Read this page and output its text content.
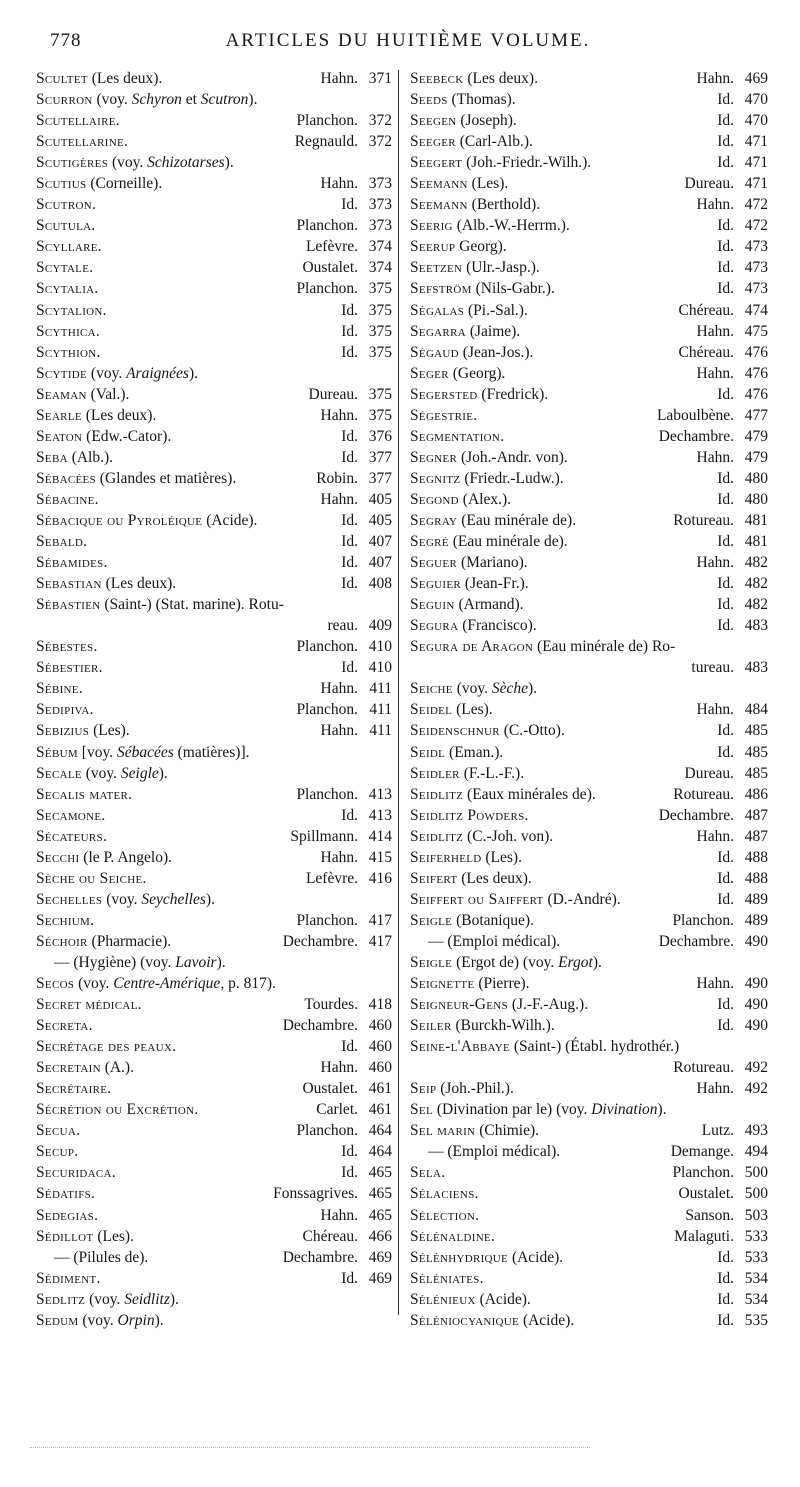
778	ARTICLES DU HUITIÈME VOLUME.
Scultet (Les deux).	Hahn. 371
Scurron (voy. Schyron et Scutron).
Scutellaire.	Planchon. 372
Scutellarine.	Regnauld. 372
Scutigères (voy. Schizotarses).
Scutius (Corneille).	Hahn. 373
Scutron.	Id. 373
Scutula.	Planchon. 373
Scyllare.	Lefèvre. 374
Scytale.	Oustalet. 374
Scytalia.	Planchon. 375
Scytalion.	Id. 375
Scythica.	Id. 375
Scythion.	Id. 375
Scytide (voy. Araignées).
Seaman (Val.).	Dureau. 375
Searle (Les deux).	Hahn. 375
Seaton (Edw.-Cator).	Id. 376
Seba (Alb.).	Id. 377
Sébacées (Glandes et matières).	Robin. 377
Sébacine.	Hahn. 405
Sébacique ou Pyroléique (Acide).	Id. 405
Sebald.	Id. 407
Sébamides.	Id. 407
Sebastian (Les deux).	Id. 408
Sébastien (Saint-) (Stat. marine). Rotu-
reau. 409
Sébestes.	Planchon. 410
Sébestier.	Id. 410
Sébine.	Hahn. 411
Sedipiva.	Planchon. 411
Sebizius (Les).	Hahn. 411
Sébum [voy. Sébacées (matières)].
Secale (voy. Seigle).
Secalis mater.	Planchon. 413
Secamone.	Id. 413
Sécateurs.	Spillmann. 414
Secchi (le P. Angelo).	Hahn. 415
Sèche ou Seiche.	Lefèvre. 416
Sechelles (voy. Seychelles).
Sechium.	Planchon. 417
Séchoir (Pharmacie).	Dechambre. 417
— (Hygiène) (voy. Lavoir).
Secos (voy. Centre-Amérique, p. 817).
Secret médical.	Tourdes. 418
Secreta.	Dechambre. 460
Secrétage des peaux.	Id. 460
Secretain (A.).	Hahn. 460
Secrétaire.	Oustalet. 461
Sécrétion ou Excrétion.	Carlet. 461
Secua.	Planchon. 464
Secup.	Id. 464
Securidaca.	Id. 465
Sédatifs.	Fonssagrives. 465
Sedegias.	Hahn. 465
Sédillot (Les).	Chéreau. 466
— (Pilules de).	Dechambre. 469
Sédiment.	Id. 469
Sedlitz (voy. Seidlitz).
Sedum (voy. Orpin).
Seebeck (Les deux).	Hahn. 469
Seeds (Thomas).	Id. 470
Seegen (Joseph).	Id. 470
Seeger (Carl-Alb.).	Id. 471
Seegert (Joh.-Friedr.-Wilh.).	Id. 471
Seemann (Les).	Dureau. 471
Seemann (Berthold).	Hahn. 472
Seerig (Alb.-W.-Herrm.).	Id. 472
Seerup Georg).	Id. 473
Seetzen (Ulr.-Jasp.).	Id. 473
Sefström (Nils-Gabr.).	Id. 473
Ségalas (Pi.-Sal.).	Chéreau. 474
Segarra (Jaime).	Hahn. 475
Ségaud (Jean-Jos.).	Chéreau. 476
Seger (Georg).	Hahn. 476
Segersted (Fredrick).	Id. 476
Ségestrie.	Laboulbène. 477
Segmentation.	Dechambre. 479
Segner (Joh.-Andr. von).	Hahn. 479
Segnitz (Friedr.-Ludw.).	Id. 480
Segond (Alex.).	Id. 480
Segray (Eau minérale de).	Rotureau. 481
Segré (Eau minérale de).	Id. 481
Seguer (Mariano).	Hahn. 482
Seguier (Jean-Fr.).	Id. 482
Seguin (Armand).	Id. 482
Segura (Francisco).	Id. 483
Segura de Aragon (Eau minérale de) Ro-
tureau. 483
Seiche (voy. Sèche).
Seidel (Les).	Hahn. 484
Seidenschnur (C.-Otto).	Id. 485
Seidl (Eman.).	Id. 485
Seidler (F.-L.-F.).	Dureau. 485
Seidlitz (Eaux minérales de).	Rotureau. 486
Seidlitz Powders.	Dechambre. 487
Seidlitz (C.-Joh. von).	Hahn. 487
Seiferheld (Les).	Id. 488
Seifert (Les deux).	Id. 488
Seiffert ou Saiffert (D.-André).	Id. 489
Seigle (Botanique).	Planchon. 489
— (Emploi médical).	Dechambre. 490
Seigle (Ergot de) (voy. Ergot).
Seignette (Pierre).	Hahn. 490
Seigneur-Gens (J.-F.-Aug.).	Id. 490
Seiler (Burckh-Wilh.).	Id. 490
Seine-l'Abbaye (Saint-) (Établ. hydrothér.)
Rotureau. 492
Seip (Joh.-Phil.).	Hahn. 492
Sel (Divination par le) (voy. Divination).
Sel marin (Chimie).	Lutz. 493
— (Emploi médical).	Demange. 494
Sela.	Planchon. 500
Sélaciens.	Oustalet. 500
Sélection.	Sanson. 503
Sélénaldine.	Malaguti. 533
Sélénhydrique (Acide).	Id. 533
Séléniates.	Id. 534
Sélénieux (Acide).	Id. 534
Séléniocyanique (Acide).	Id. 535
